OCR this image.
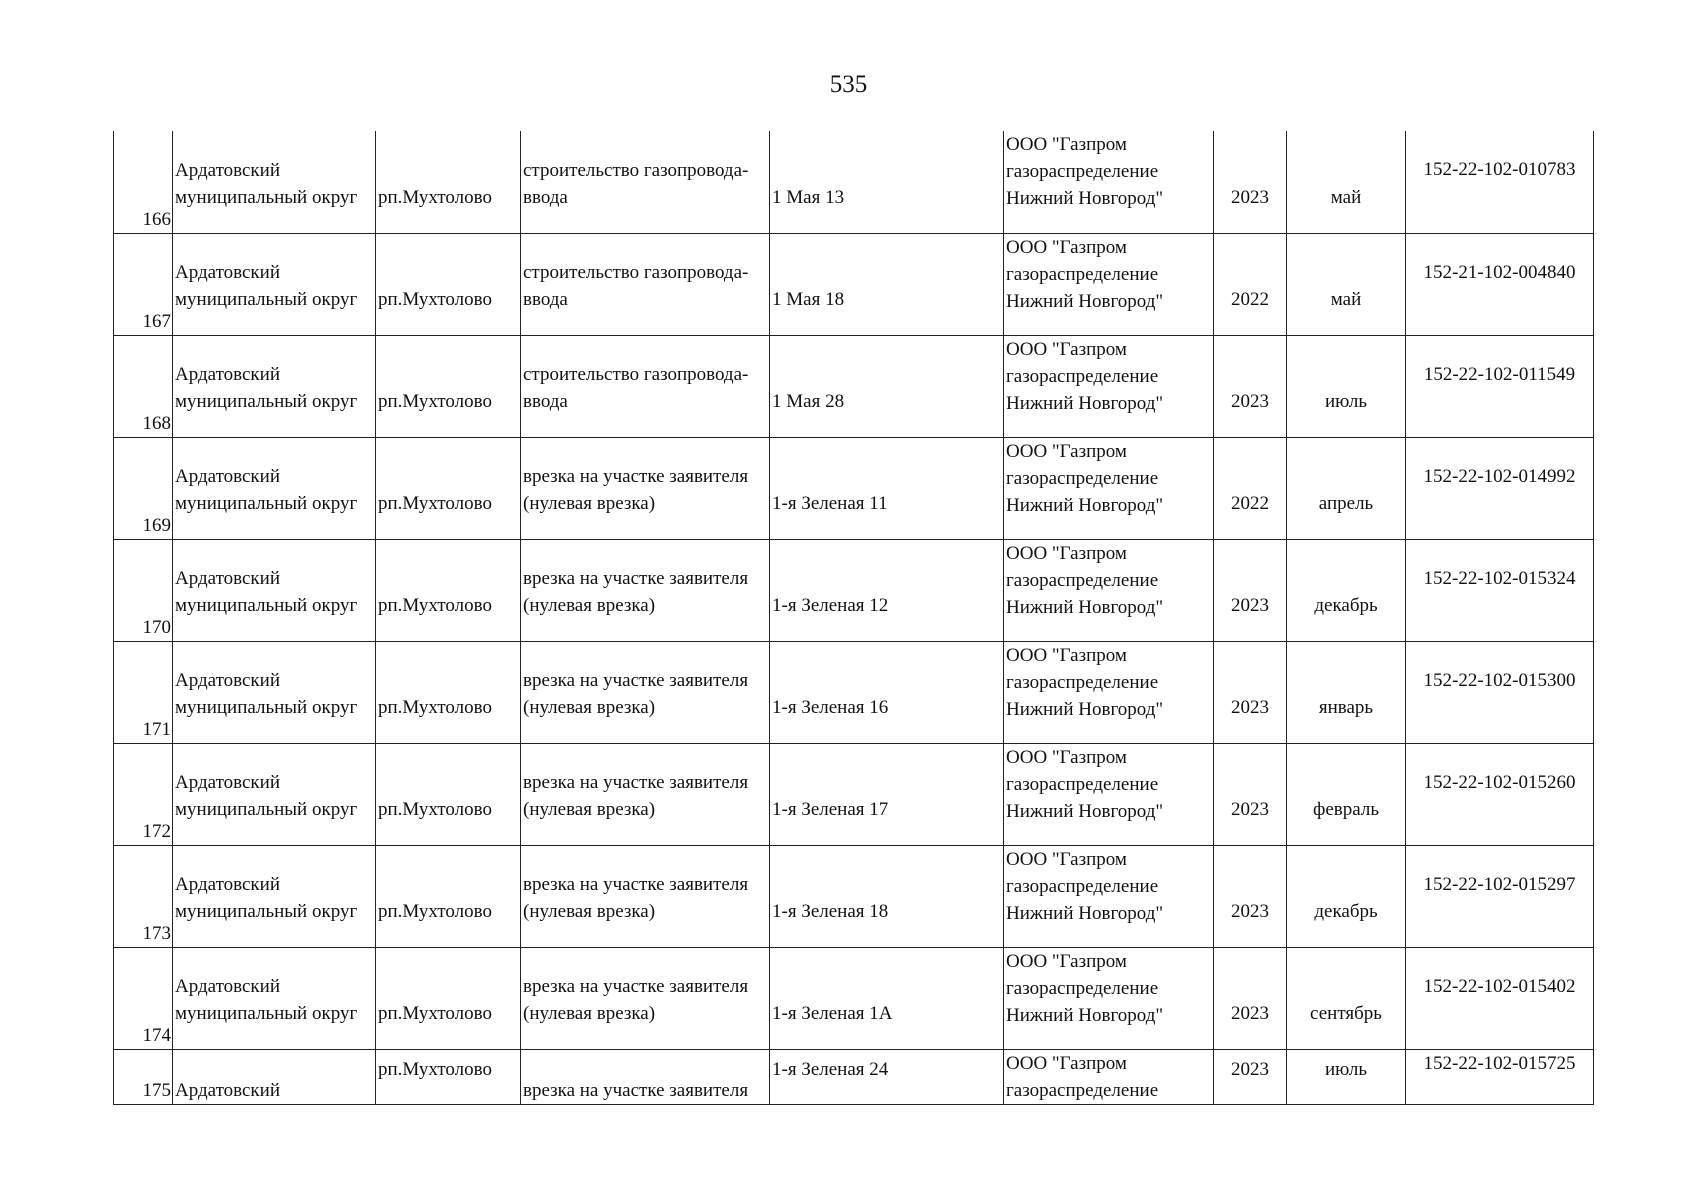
535
166	Ардатовский
муниципальный округ	рп.Мухтолово	строительство газопровода-
ввода	1 Мая 13	ООО "Газпром
газораспределение
Нижний Новгород"	2023	май	152-22-102-010783

167	Ардатовский
муниципальный округ	рп.Мухтолово	строительство газопровода-
ввода	1 Мая 18	ООО "Газпром
газораспределение
Нижний Новгород"	2022	май	152-21-102-004840

168	Ардатовский
муниципальный округ	рп.Мухтолово	строительство газопровода-
ввода	1 Мая 28	ООО "Газпром
газораспределение
Нижний Новгород"	2023	июль	152-22-102-011549

169	Ардатовский
муниципальный округ	рп.Мухтолово	врезка на участке заявителя
(нулевая врезка)	1-я Зеленая 11	ООО "Газпром
газораспределение
Нижний Новгород"	2022	апрель	152-22-102-014992

170	Ардатовский
муниципальный округ	рп.Мухтолово	врезка на участке заявителя
(нулевая врезка)	1-я Зеленая 12	ООО "Газпром
газораспределение
Нижний Новгород"	2023	декабрь	152-22-102-015324

171	Ардатовский
муниципальный округ	рп.Мухтолово	врезка на участке заявителя
(нулевая врезка)	1-я Зеленая 16	ООО "Газпром
газораспределение
Нижний Новгород"	2023	январь	152-22-102-015300

172	Ардатовский
муниципальный округ	рп.Мухтолово	врезка на участке заявителя
(нулевая врезка)	1-я Зеленая 17	ООО "Газпром
газораспределение
Нижний Новгород"	2023	февраль	152-22-102-015260

173	Ардатовский
муниципальный округ	рп.Мухтолово	врезка на участке заявителя
(нулевая врезка)	1-я Зеленая 18	ООО "Газпром
газораспределение
Нижний Новгород"	2023	декабрь	152-22-102-015297

174	Ардатовский
муниципальный округ	рп.Мухтолово	врезка на участке заявителя
(нулевая врезка)	1-я Зеленая 1А	ООО "Газпром
газораспределение
Нижний Новгород"	2023	сентябрь	152-22-102-015402

175	Ардатовский	рп.Мухтолово	врезка на участке заявителя	1-я Зеленая 24	ООО "Газпром
газораспределение	2023	июль	152-22-102-015725
